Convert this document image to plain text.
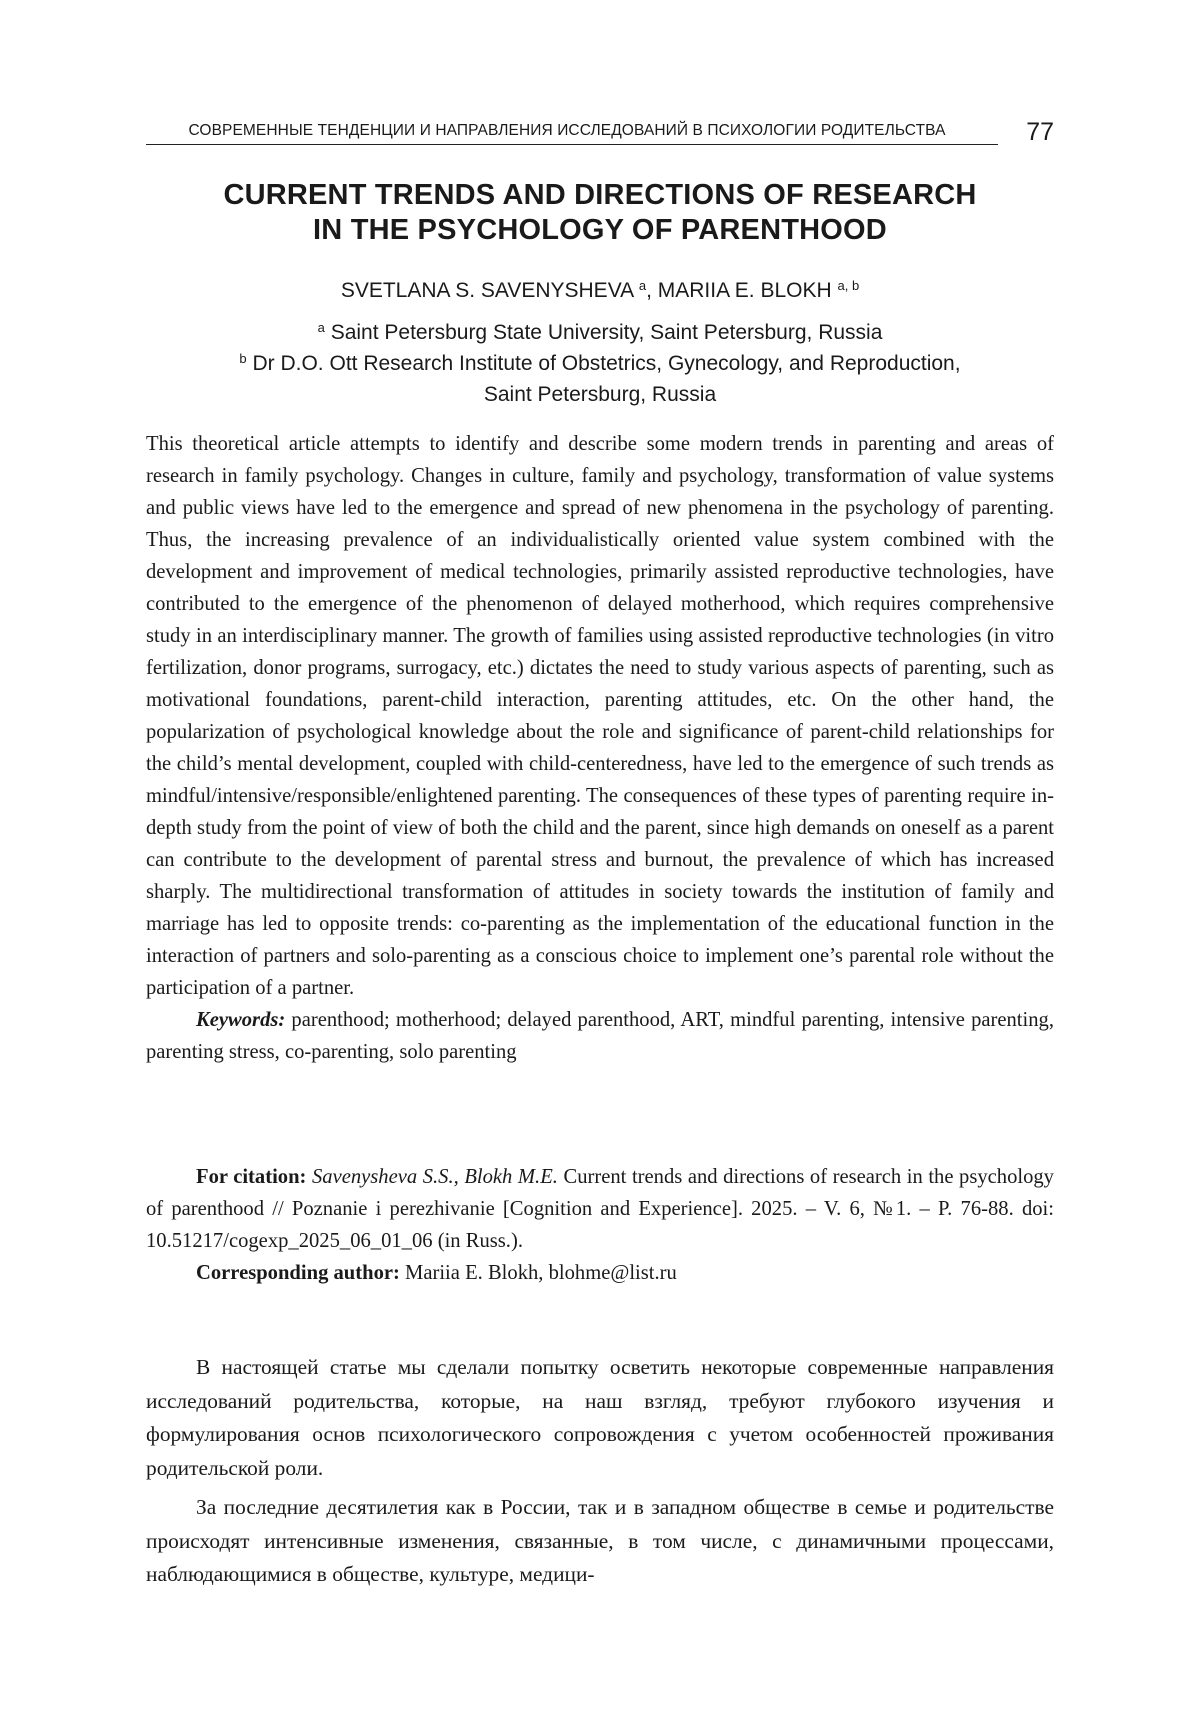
СОВРЕМЕННЫЕ ТЕНДЕНЦИИ И НАПРАВЛЕНИЯ ИССЛЕДОВАНИЙ В ПСИХОЛОГИИ РОДИТЕЛЬСТВА	77
CURRENT TRENDS AND DIRECTIONS OF RESEARCH
IN THE PSYCHOLOGY OF PARENTHOOD
SVETLANA S. SAVENYSHEVA $^a$, MARIIA E. BLOKH $^{a, b}$
$^a$ Saint Petersburg State University, Saint Petersburg, Russia
$^b$ Dr D.O. Ott Research Institute of Obstetrics, Gynecology, and Reproduction,
Saint Petersburg, Russia

This theoretical article attempts to identify and describe some modern trends in parenting and areas of research in family psychology. Changes in culture, family and psychology, transformation of value systems and public views have led to the emergence and spread of new phenomena in the psychology of parenting. Thus, the increasing prevalence of an individualistically oriented value system combined with the development and improvement of medical technologies, primarily assisted reproductive technologies, have contributed to the emergence of the phenomenon of delayed motherhood, which requires comprehensive study in an interdisciplinary manner. The growth of families using assisted reproductive technologies (in vitro fertilization, donor programs, surrogacy, etc.) dictates the need to study various aspects of parenting, such as motivational foundations, parent-child interaction, parenting attitudes, etc. On the other hand, the popularization of psychological knowledge about the role and significance of parent-child relationships for the child’s mental development, coupled with child-centeredness, have led to the emergence of such trends as mindful/intensive/responsible/enlightened parenting. The consequences of these types of parenting require in-depth study from the point of view of both the child and the parent, since high demands on oneself as a parent can contribute to the development of parental stress and burnout, the prevalence of which has increased sharply. The multidirectional transformation of attitudes in society towards the institution of family and marriage has led to opposite trends: co-parenting as the implementation of the educational function in the interaction of partners and solo-parenting as a conscious choice to implement one’s parental role without the participation of a partner.

Keywords: parenthood; motherhood; delayed parenthood, ART, mindful parenting, intensive parenting, parenting stress, co-parenting, solo parenting

For citation: Savenysheva S.S., Blokh M.E. Current trends and directions of research in the psychology of parenthood // Poznanie i perezhivanie [Cognition and Experience]. 2025. – V. 6, №1. – P. 76-88. doi: 10.51217/cogexp_2025_06_01_06 (in Russ.).

Corresponding author: Mariia E. Blokh, blohme@list.ru

В настоящей статье мы сделали попытку осветить некоторые современные направления исследований родительства, которые, на наш взгляд, требуют глубокого изучения и формулирования основ психологического сопровождения с учетом особенностей проживания родительской роли.

За последние десятилетия как в России, так и в западном обществе в семье и родительстве происходят интенсивные изменения, связанные, в том числе, с динамичными процессами, наблюдающимися в обществе, культуре, медици-
